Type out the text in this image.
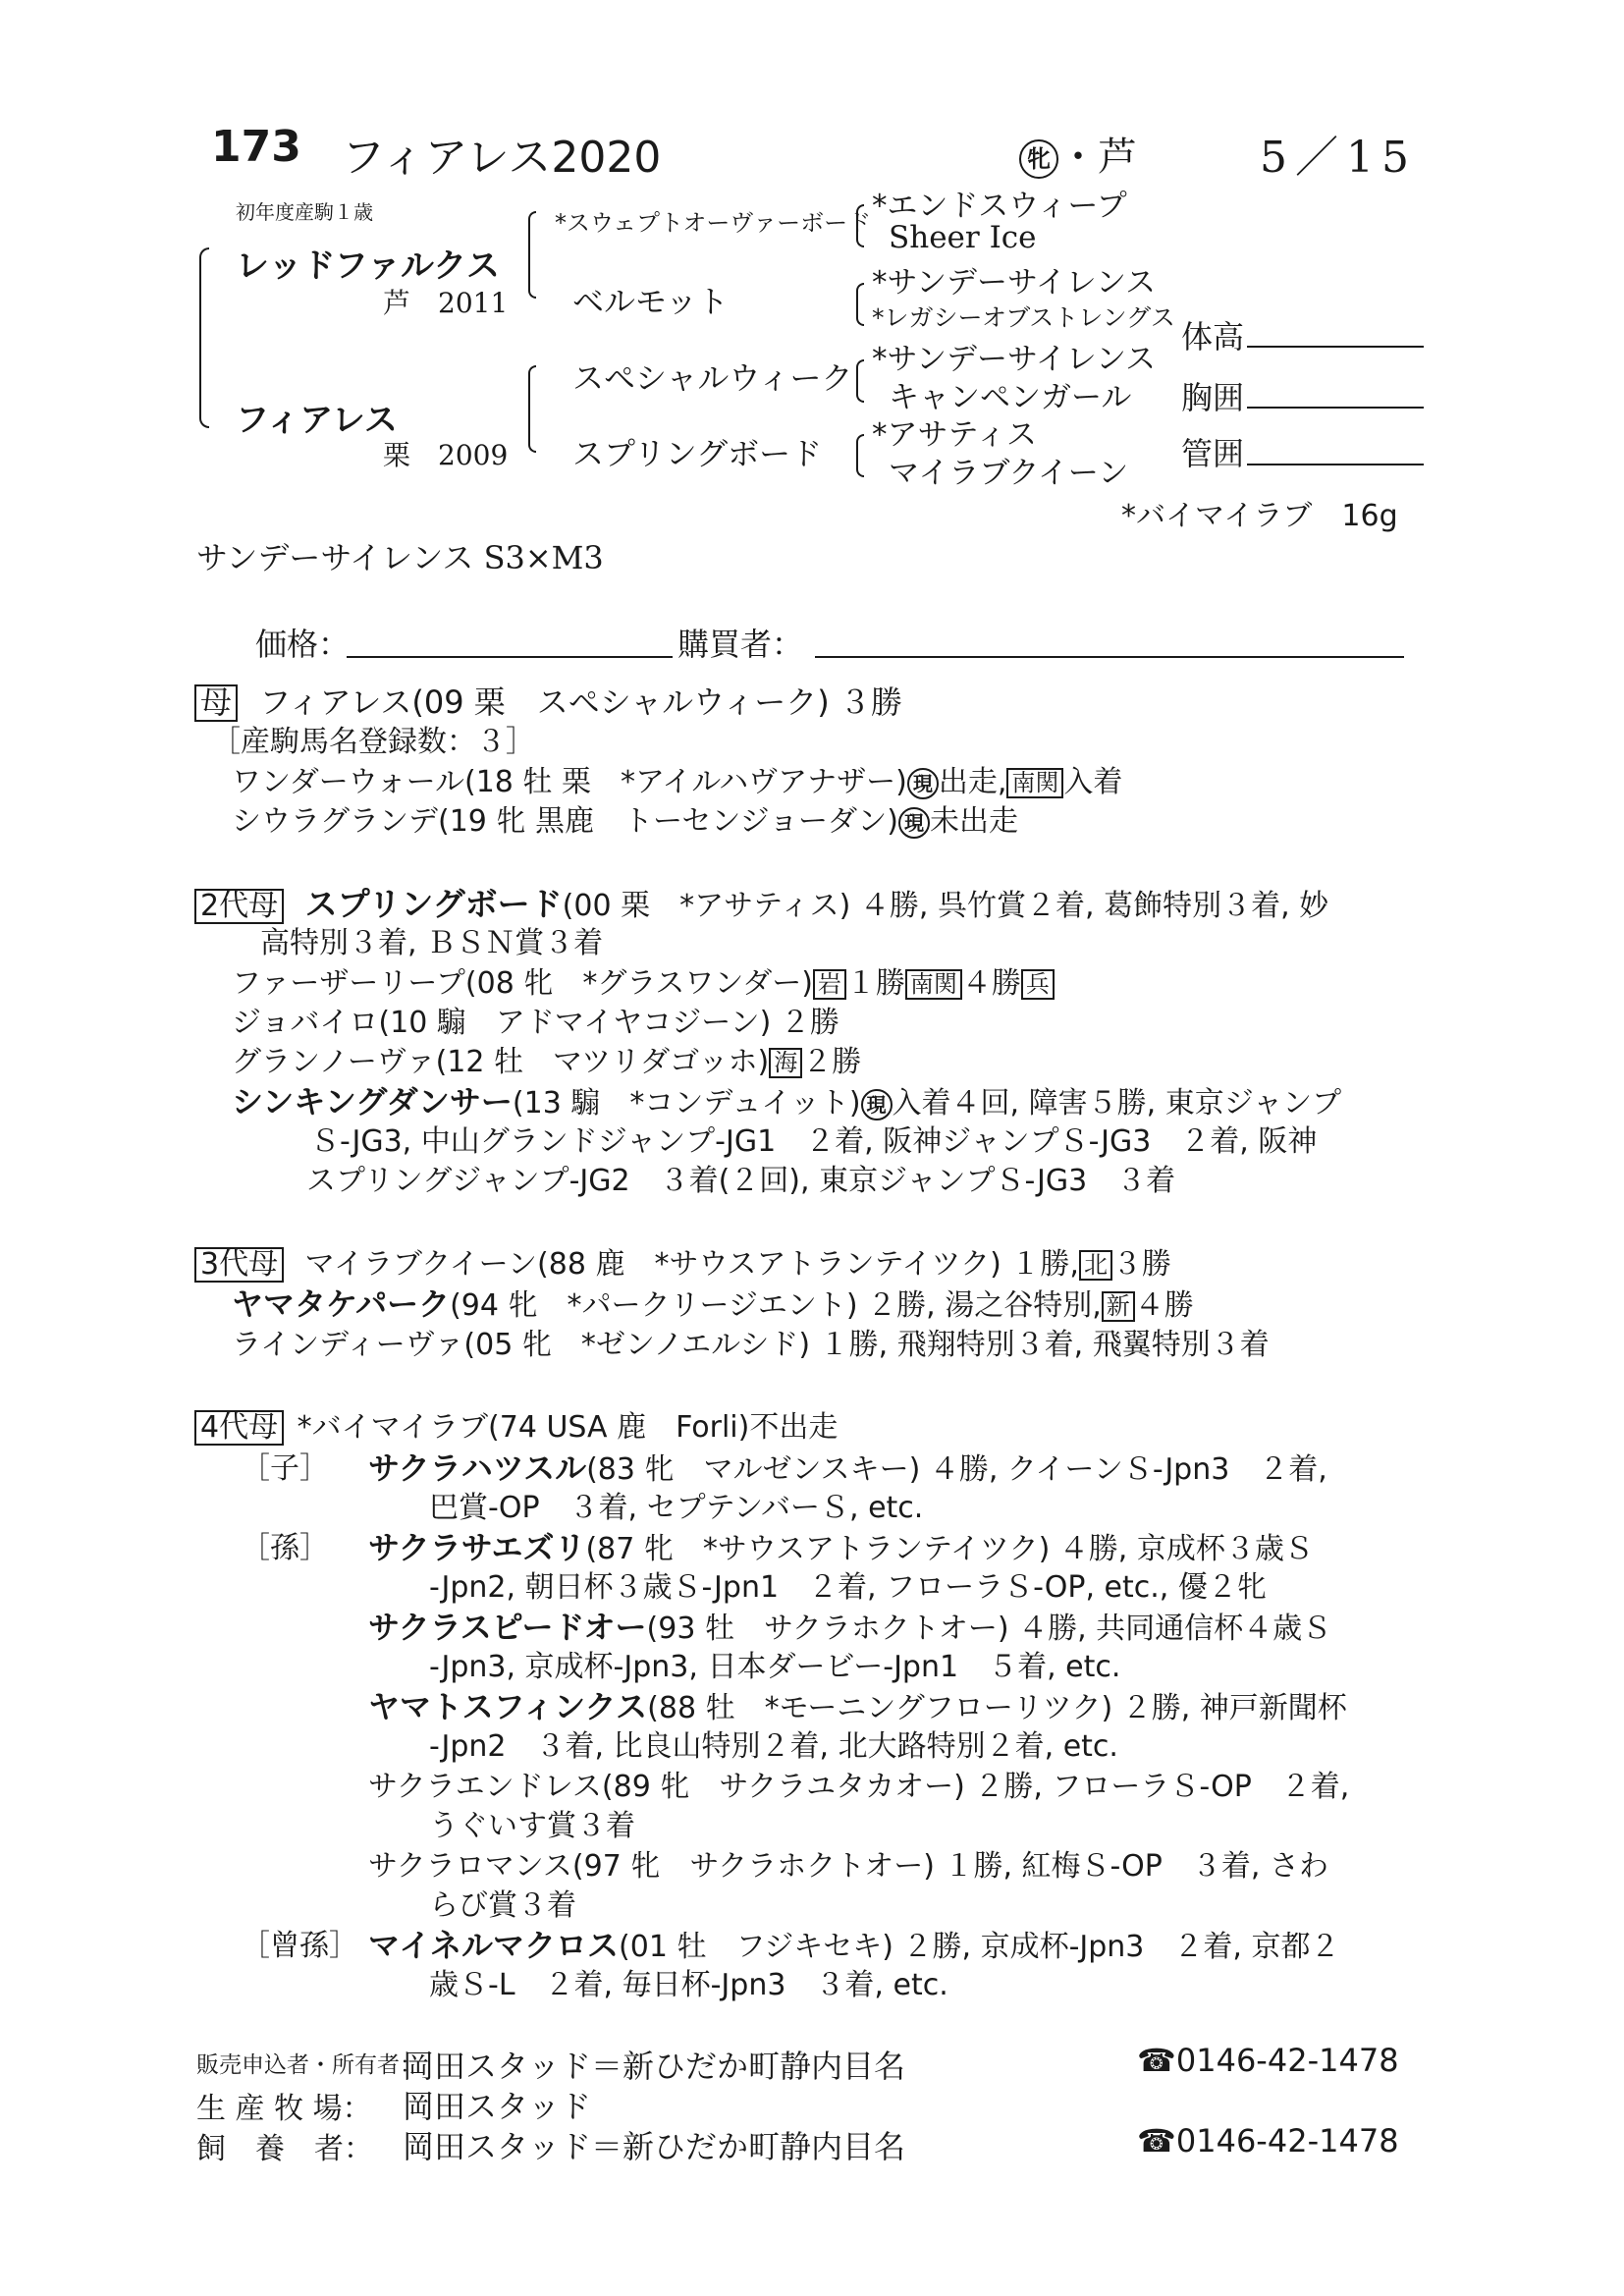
173 フィアレス2020	牝 ・芦	5／15
初年度産駒１歳
レッドファルクス
芦　2011
フィアレス
栗　2009
*スウェプトオーヴァーボード
ベルモット
スペシャルウィーク
スプリングボード
*エンドスウィープ
Sheer Ice
*サンデーサイレンス
*レガシーオブストレングス
*サンデーサイレンス
キャンペンガール
*アサティス
マイラブクイーン
体高
胸囲
管囲
*バイマイラブ　16g
サンデーサイレンス S3×M3
価格：	購買者：
母 フィアレス(09 栗　スペシャルウィーク) ３勝
［産駒馬名登録数：３］
ワンダーウォール(18 牡 栗　*アイルハヴアナザー) 現 出走, 南関 入着
シウラグランデ(19 牝 黒鹿　トーセンジョーダン) 現 未出走
2代母 スプリングボード(00 栗　*アサティス) ４勝, 呉竹賞２着, 葛飾特別３着, 妙
高特別３着, ＢＳＮ賞３着
ファーザーリープ(08 牝　*グラスワンダー) 岩 １勝 南関 ４勝 兵
ジョバイロ(10 騸　アドマイヤコジーン) ２勝
グランノーヴァ(12 牡　マツリダゴッホ) 海 ２勝
シンキングダンサー(13 騸　*コンデュイット) 現 入着４回, 障害５勝, 東京ジャンプ
Ｓ-JG3, 中山グランドジャンプ-JG1　２着, 阪神ジャンプＳ-JG3　２着, 阪神
スプリングジャンプ-JG2　３着(２回), 東京ジャンプＳ-JG3　３着
3代母 マイラブクイーン(88 鹿　*サウスアトランテイツク) １勝, 北 ３勝
ヤマタケパーク(94 牝　*パークリージエント) ２勝, 湯之谷特別, 新 ４勝
ラインディーヴァ(05 牝　*ゼンノエルシド) １勝, 飛翔特別３着, 飛翼特別３着
4代母 *バイマイラブ(74 USA 鹿　Forli)不出走
［子］ サクラハツスル(83 牝　マルゼンスキー) ４勝, クイーンＳ-Jpn3　２着,
巴賞-OP　３着, セプテンバーＳ, etc.
［孫］ サクラサエズリ(87 牝　*サウスアトランテイツク) ４勝, 京成杯３歳Ｓ
-Jpn2, 朝日杯３歳Ｓ-Jpn1　２着, フローラＳ-OP, etc., 優２牝
サクラスピードオー(93 牡　サクラホクトオー) ４勝, 共同通信杯４歳Ｓ
-Jpn3, 京成杯-Jpn3, 日本ダービー-Jpn1　５着, etc.
ヤマトスフィンクス(88 牡　*モーニングフローリツク) ２勝, 神戸新聞杯
-Jpn2　３着, 比良山特別２着, 北大路特別２着, etc.
サクラエンドレス(89 牝　サクラユタカオー) ２勝, フローラＳ-OP　２着,
うぐいす賞３着
サクラロマンス(97 牝　サクラホクトオー) １勝, 紅梅Ｓ-OP　３着, さわ
らび賞３着
［曾孫］ マイネルマクロス(01 牡　フジキセキ) ２勝, 京成杯-Jpn3　２着, 京都２
歳Ｓ-L　２着, 毎日杯-Jpn3　３着, etc.
販売申込者・所有者：
岡田スタッド＝新ひだか町静内目名	☎0146-42-1478
生 産 牧 場： 岡田スタッド
飼　養　者： 岡田スタッド＝新ひだか町静内目名	☎0146-42-1478
